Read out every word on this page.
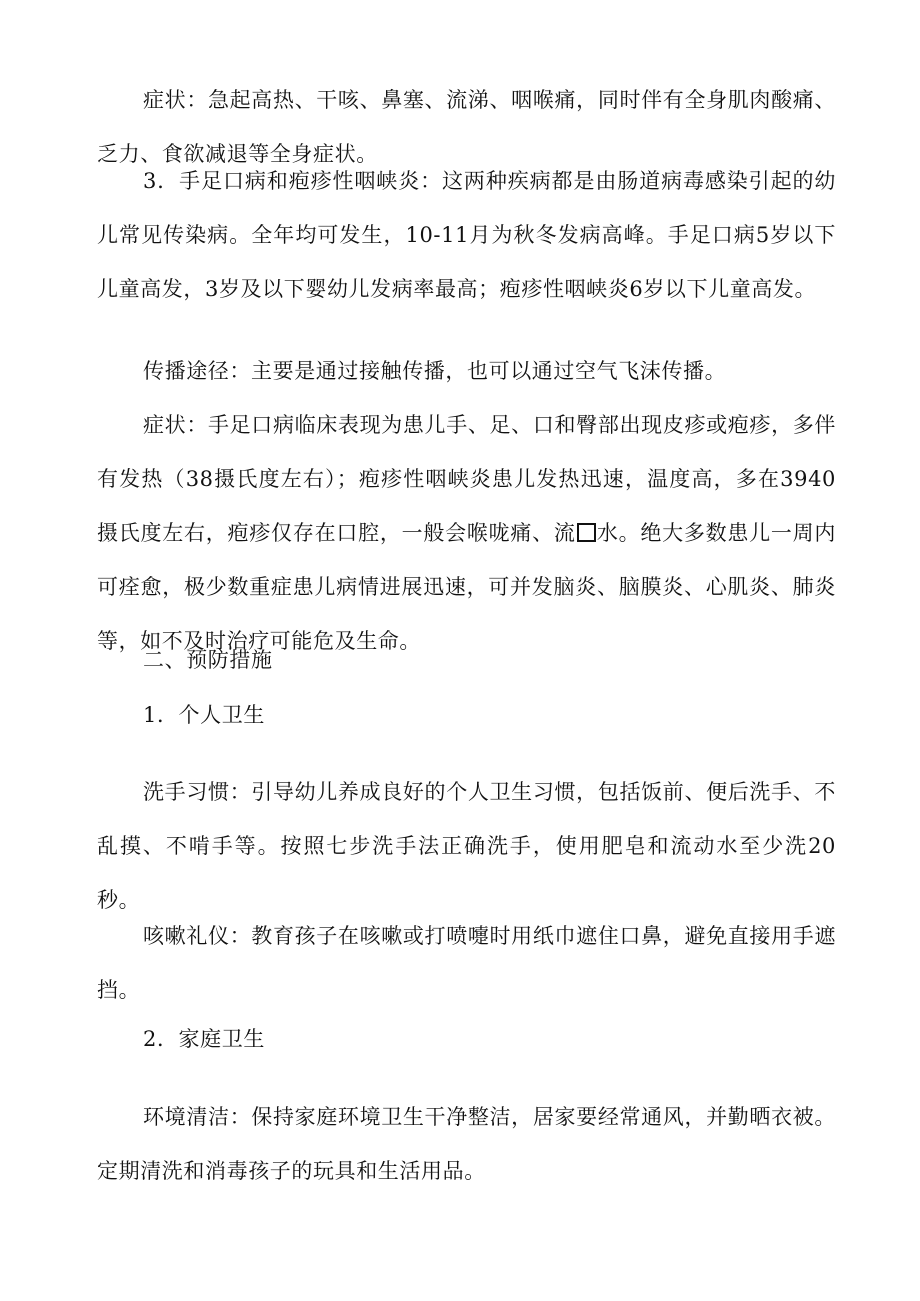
症状：急起高热、干咳、鼻塞、流涕、咽喉痛，同时伴有全身肌肉酸痛、乏力、食欲减退等全身症状。

3．手足口病和疱疹性咽峡炎：这两种疾病都是由肠道病毒感染引起的幼儿常见传染病。全年均可发生，10-11月为秋冬发病高峰。手足口病5岁以下儿童高发，3岁及以下婴幼儿发病率最高；疱疹性咽峡炎6岁以下儿童高发。

传播途径：主要是通过接触传播，也可以通过空气飞沫传播。

症状：手足口病临床表现为患儿手、足、口和臀部出现皮疹或疱疹，多伴有发热（38摄氏度左右）；疱疹性咽峡炎患儿发热迅速，温度高，多在3940摄氏度左右，疱疹仅存在口腔，一般会喉咙痛、流 水。绝大多数患儿一周内可痊愈，极少数重症患儿病情进展迅速，可并发脑炎、脑膜炎、心肌炎、肺炎等，如不及时治疗可能危及生命。

二、预防措施

1．个人卫生

洗手习惯：引导幼儿养成良好的个人卫生习惯，包括饭前、便后洗手、不乱摸、不啃手等。按照七步洗手法正确洗手，使用肥皂和流动水至少洗20秒。

咳嗽礼仪：教育孩子在咳嗽或打喷嚏时用纸巾遮住口鼻，避免直接用手遮挡。

2．家庭卫生

环境清洁：保持家庭环境卫生干净整洁，居家要经常通风，并勤晒衣被。定期清洗和消毒孩子的玩具和生活用品。
